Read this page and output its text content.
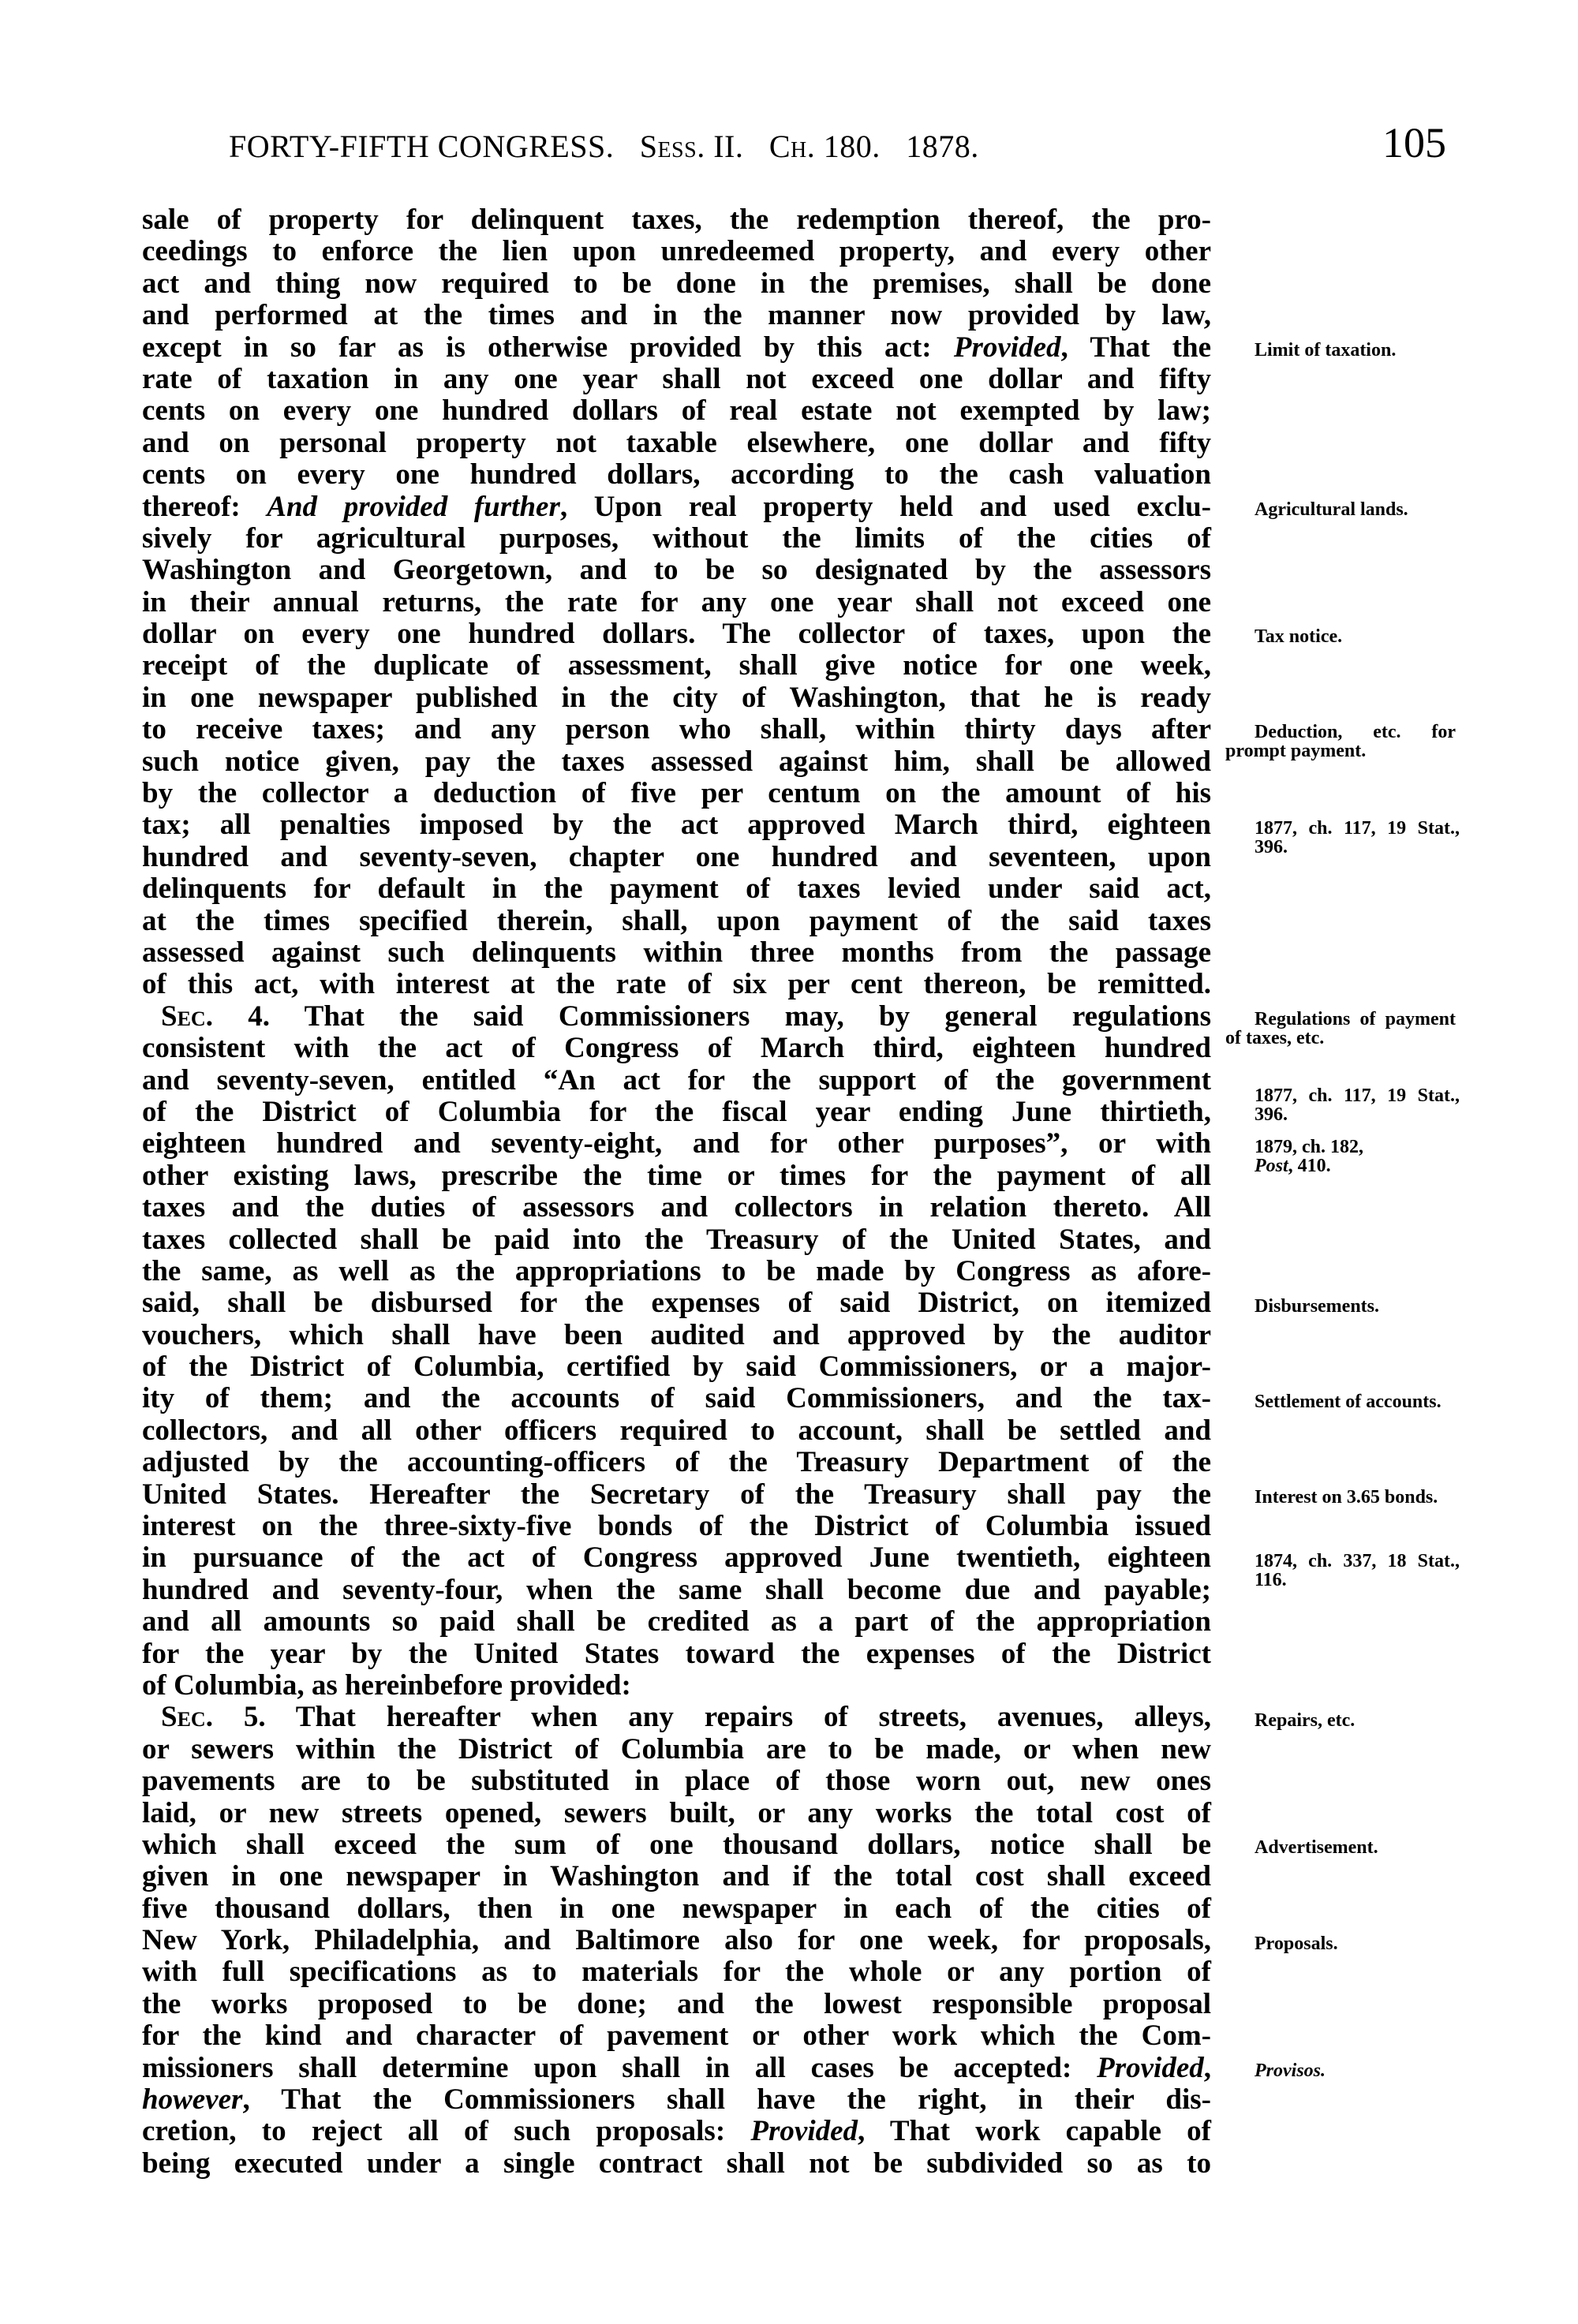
FORTY-FIFTH CONGRESS. Sess. II. Ch. 180. 1878.	105
sale of property for delinquent taxes, the redemption thereof, the pro-
ceedings to enforce the lien upon unredeemed property, and every other
act and thing now required to be done in the premises, shall be done
and performed at the times and in the manner now provided by law,
except in so far as is otherwise provided by this act: Provided, That the
rate of taxation in any one year shall not exceed one dollar and fifty
cents on every one hundred dollars of real estate not exempted by law;
and on personal property not taxable elsewhere, one dollar and fifty
cents on every one hundred dollars, according to the cash valuation
thereof: And provided further, Upon real property held and used exclu-
sively for agricultural purposes, without the limits of the cities of
Washington and Georgetown, and to be so designated by the assessors
in their annual returns, the rate for any one year shall not exceed one
dollar on every one hundred dollars. The collector of taxes, upon the
receipt of the duplicate of assessment, shall give notice for one week,
in one newspaper published in the city of Washington, that he is ready
to receive taxes; and any person who shall, within thirty days after
such notice given, pay the taxes assessed against him, shall be allowed
by the collector a deduction of five per centum on the amount of his
tax; all penalties imposed by the act approved March third, eighteen
hundred and seventy-seven, chapter one hundred and seventeen, upon
delinquents for default in the payment of taxes levied under said act,
at the times specified therein, shall, upon payment of the said taxes
assessed against such delinquents within three months from the passage
of this act, with interest at the rate of six per cent thereon, be remitted.
Sec. 4. That the said Commissioners may, by general regulations
consistent with the act of Congress of March third, eighteen hundred
and seventy-seven, entitled “An act for the support of the government
of the District of Columbia for the fiscal year ending June thirtieth,
eighteen hundred and seventy-eight, and for other purposes”, or with
other existing laws, prescribe the time or times for the payment of all
taxes and the duties of assessors and collectors in relation thereto. All
taxes collected shall be paid into the Treasury of the United States, and
the same, as well as the appropriations to be made by Congress as afore-
said, shall be disbursed for the expenses of said District, on itemized
vouchers, which shall have been audited and approved by the auditor
of the District of Columbia, certified by said Commissioners, or a major-
ity of them; and the accounts of said Commissioners, and the tax-
collectors, and all other officers required to account, shall be settled and
adjusted by the accounting-officers of the Treasury Department of the
United States. Hereafter the Secretary of the Treasury shall pay the
interest on the three-sixty-five bonds of the District of Columbia issued
in pursuance of the act of Congress approved June twentieth, eighteen
hundred and seventy-four, when the same shall become due and payable;
and all amounts so paid shall be credited as a part of the appropriation
for the year by the United States toward the expenses of the District
of Columbia, as hereinbefore provided:
Sec. 5. That hereafter when any repairs of streets, avenues, alleys,
or sewers within the District of Columbia are to be made, or when new
pavements are to be substituted in place of those worn out, new ones
laid, or new streets opened, sewers built, or any works the total cost of
which shall exceed the sum of one thousand dollars, notice shall be
given in one newspaper in Washington and if the total cost shall exceed
five thousand dollars, then in one newspaper in each of the cities of
New York, Philadelphia, and Baltimore also for one week, for proposals,
with full specifications as to materials for the whole or any portion of
the works proposed to be done; and the lowest responsible proposal
for the kind and character of pavement or other work which the Com-
missioners shall determine upon shall in all cases be accepted: Provided,
however, That the Commissioners shall have the right, in their dis-
cretion, to reject all of such proposals: Provided, That work capable of
being executed under a single contract shall not be subdivided so as to
Limit of taxation.
Agricultural lands.
Tax notice.
Deduction, etc. for prompt payment.
1877, ch. 117, 19 Stat., 396.
Regulations of payment of taxes, etc.
1877, ch. 117, 19 Stat., 396.
1879, ch. 182,
Post, 410.
Disbursements.
Settlement of accounts.
Interest on 3.65 bonds.
1874, ch. 337, 18 Stat., 116.
Repairs, etc.
Advertisement.
Proposals.
Provisos.
